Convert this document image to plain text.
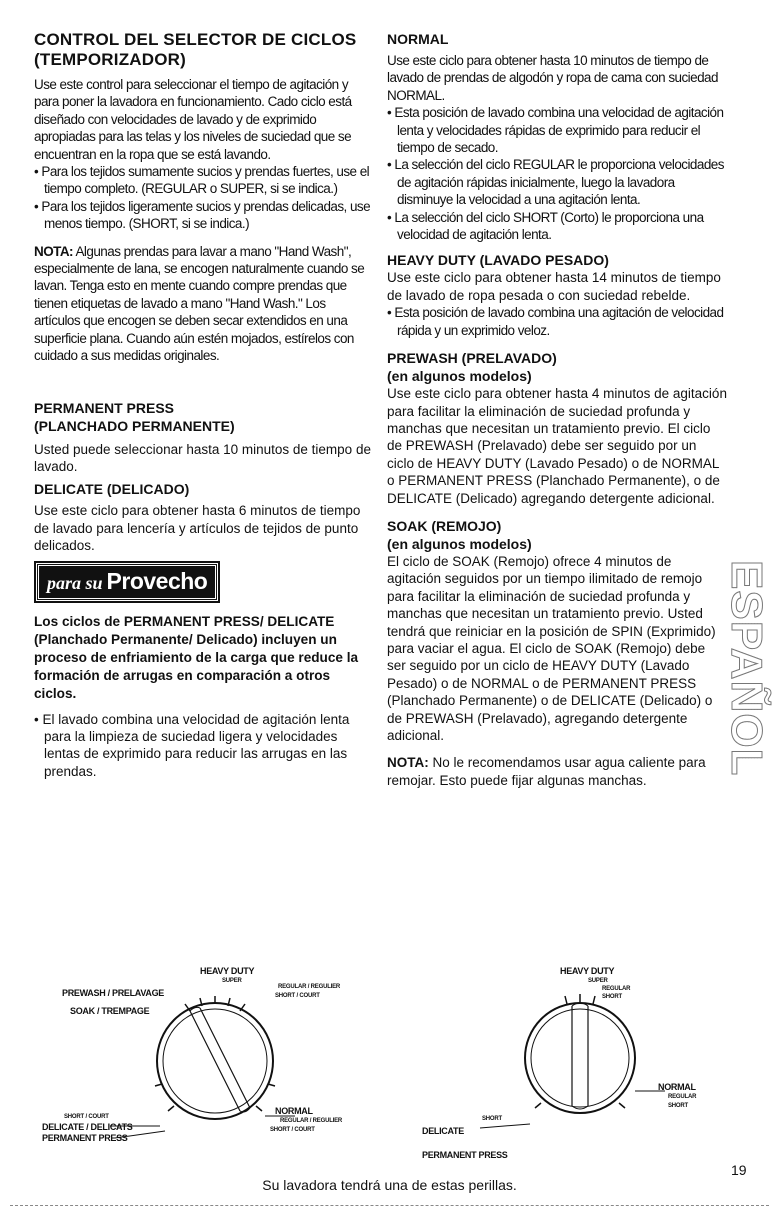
CONTROL DEL SELECTOR DE CICLOS
(TEMPORIZADOR)

Use este control para seleccionar el tiempo de agitación y para poner la lavadora en funcionamiento. Cado ciclo está diseñado con velocidades de lavado y de exprimido apropiadas para las telas y los niveles de suciedad que se encuentran en la ropa que se está lavando.

• Para los tejidos sumamente sucios y prendas fuertes, use el tiempo completo. (REGULAR o SUPER, si se indica.)

• Para los tejidos ligeramente sucios y prendas delicadas, use menos tiempo. (SHORT, si se indica.)

NOTA: Algunas prendas para lavar a mano "Hand Wash", especialmente de lana, se encogen naturalmente cuando se lavan. Tenga esto en mente cuando compre prendas que tienen etiquetas de lavado a mano "Hand Wash." Los artículos que encogen se deben secar extendidos en una superficie plana. Cuando aún estén mojados, estírelos con cuidado a sus medidas originales.

PERMANENT PRESS
(PLANCHADO PERMANENTE)

Usted puede seleccionar hasta 10 minutos de tiempo de lavado.

DELICATE (DELICADO)

Use este ciclo para obtener hasta 6 minutos de tiempo de lavado para lencería y artículos de tejidos de punto delicados.

para su Provecho

Los ciclos de PERMANENT PRESS/ DELICATE (Planchado Permanente/ Delicado) incluyen un proceso de enfriamiento de la carga que reduce la formación de arrugas en comparación a otros ciclos.

• El lavado combina una velocidad de agitación lenta para la limpieza de suciedad ligera y velocidades lentas de exprimido para reducir las arrugas en las prendas.

NORMAL

Use este ciclo para obtener hasta 10 minutos de tiempo de lavado de prendas de algodón y ropa de cama con suciedad NORMAL.

• Esta posición de lavado combina una velocidad de agitación lenta y velocidades rápidas de exprimido para reducir el tiempo de secado.

• La selección del ciclo REGULAR le proporciona velocidades de agitación rápidas inicialmente, luego la lavadora disminuye la velocidad a una agitación lenta.

• La selección del ciclo SHORT (Corto) le proporciona una velocidad de agitación lenta.

HEAVY DUTY (LAVADO PESADO)

Use este ciclo para obtener hasta 14 minutos de tiempo de lavado de ropa pesada o con suciedad rebelde.

• Esta posición de lavado combina una agitación de velocidad rápida y un exprimido veloz.

PREWASH (PRELAVADO)
(en algunos modelos)

Use este ciclo para obtener hasta 4 minutos de agitación para facilitar la eliminación de suciedad profunda y manchas que necesitan un tratamiento previo. El ciclo de PREWASH (Prelavado) debe ser seguido por un ciclo de HEAVY DUTY (Lavado Pesado) o de NORMAL o PERMANENT PRESS (Planchado Permanente), o de DELICATE (Delicado) agregando detergente adicional.

SOAK (REMOJO)
(en algunos modelos)

El ciclo de SOAK (Remojo) ofrece 4 minutos de agitación seguidos por un tiempo ilimitado de remojo para facilitar la eliminación de suciedad profunda y manchas que necesitan un tratamiento previo. Usted tendrá que reiniciar en la posición de SPIN (Exprimido) para vaciar el agua. El ciclo de SOAK (Remojo) debe ser seguido por un ciclo de HEAVY DUTY (Lavado Pesado) o de NORMAL o de PERMANENT PRESS (Planchado Permanente) o de DELICATE (Delicado) o de PREWASH (Prelavado), agregando detergente adicional.

NOTA: No le recomendamos usar agua caliente para remojar. Esto puede fijar algunas manchas.

ESPAÑOL
HEAVY DUTY
SUPER
PREWASH / PRELAVAGE
REGULAR / REGULIER
SHORT / COURT
SOAK / TREMPAGE
NORMAL
REGULAR / REGULIER
SHORT / COURT
SHORT / COURT
DELICATE / DELICATS
PERMANENT PRESS
HEAVY DUTY
SUPER
REGULAR
SHORT
NORMAL
REGULAR
SHORT
SHORT
DELICATE
PERMANENT PRESS
Su lavadora tendrá una de estas perillas.
19
